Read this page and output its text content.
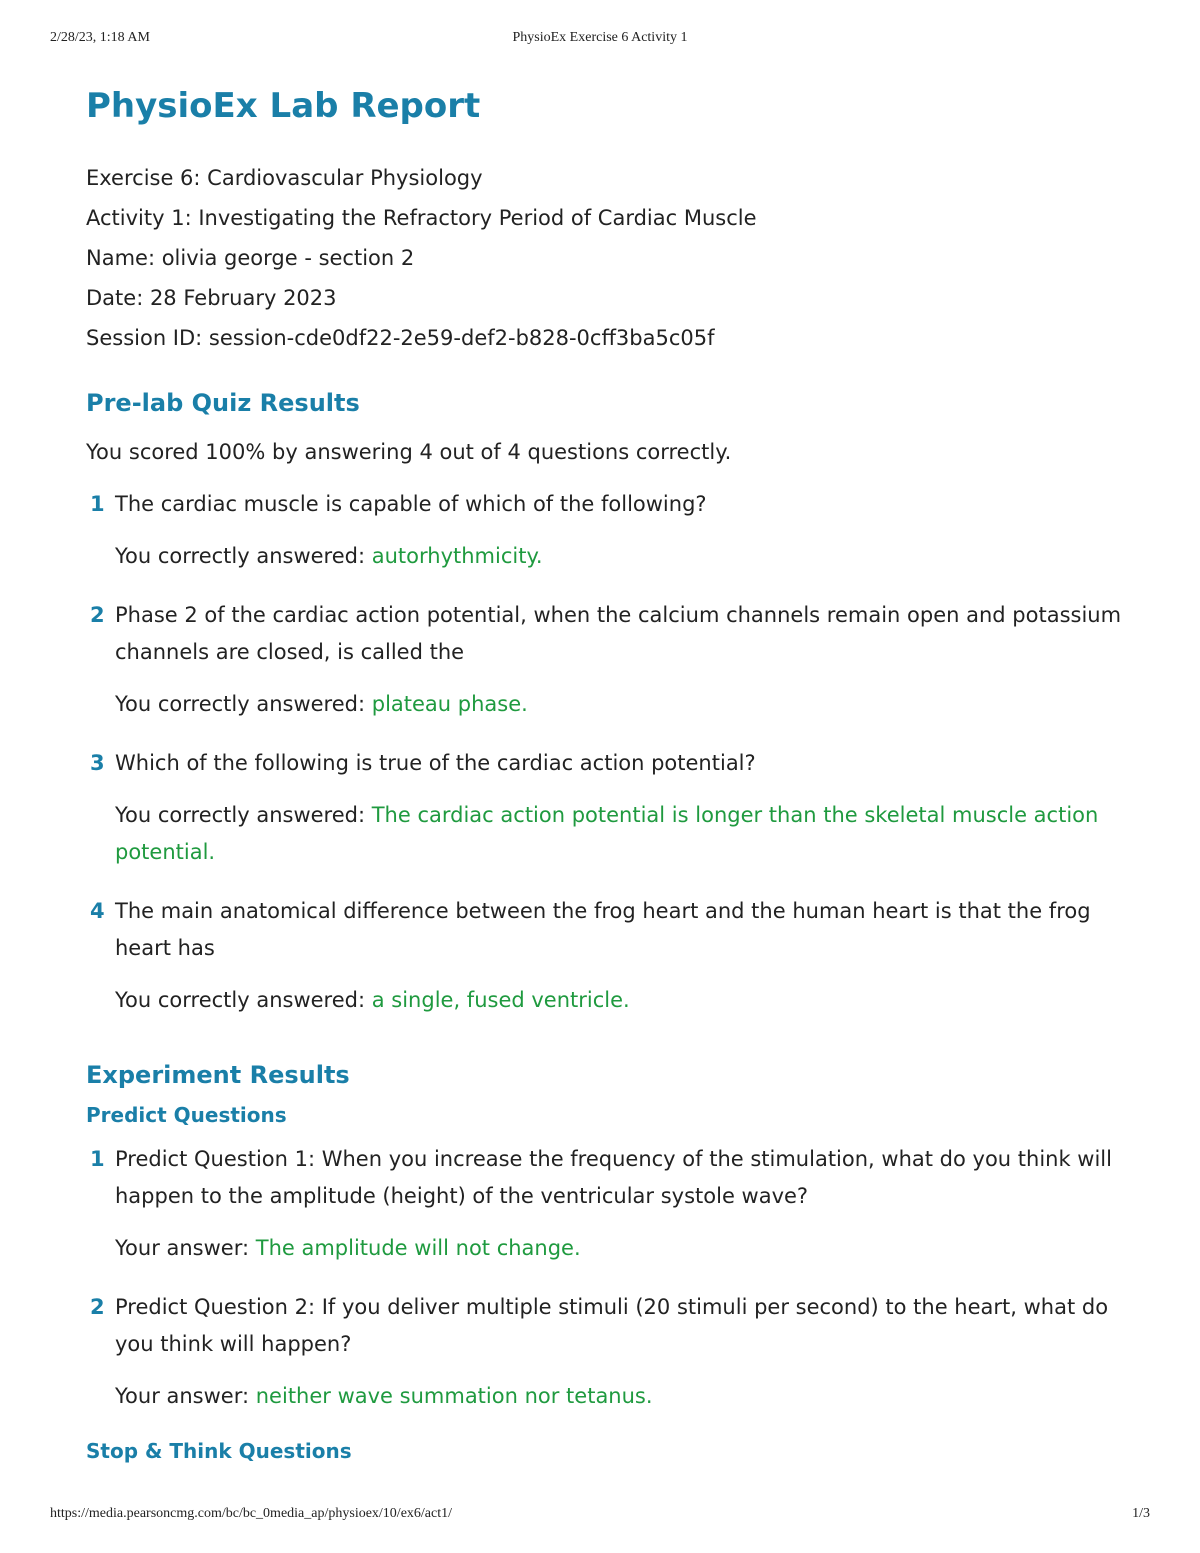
2/28/23, 1:18 AM	PhysioEx Exercise 6 Activity 1
PhysioEx Lab Report
Exercise 6: Cardiovascular Physiology
Activity 1: Investigating the Refractory Period of Cardiac Muscle
Name: olivia george - section 2
Date: 28 February 2023
Session ID: session-cde0df22-2e59-def2-b828-0cff3ba5c05f
Pre-lab Quiz Results
You scored 100% by answering 4 out of 4 questions correctly.
1 The cardiac muscle is capable of which of the following?
You correctly answered: autorhythmicity.
2 Phase 2 of the cardiac action potential, when the calcium channels remain open and potassium channels are closed, is called the
You correctly answered: plateau phase.
3 Which of the following is true of the cardiac action potential?
You correctly answered: The cardiac action potential is longer than the skeletal muscle action potential.
4 The main anatomical difference between the frog heart and the human heart is that the frog heart has
You correctly answered: a single, fused ventricle.
Experiment Results
Predict Questions
1 Predict Question 1: When you increase the frequency of the stimulation, what do you think will happen to the amplitude (height) of the ventricular systole wave?
Your answer: The amplitude will not change.
2 Predict Question 2: If you deliver multiple stimuli (20 stimuli per second) to the heart, what do you think will happen?
Your answer: neither wave summation nor tetanus.
Stop & Think Questions

https://media.pearsoncmg.com/bc/bc_0media_ap/physioex/10/ex6/act1/	1/3
